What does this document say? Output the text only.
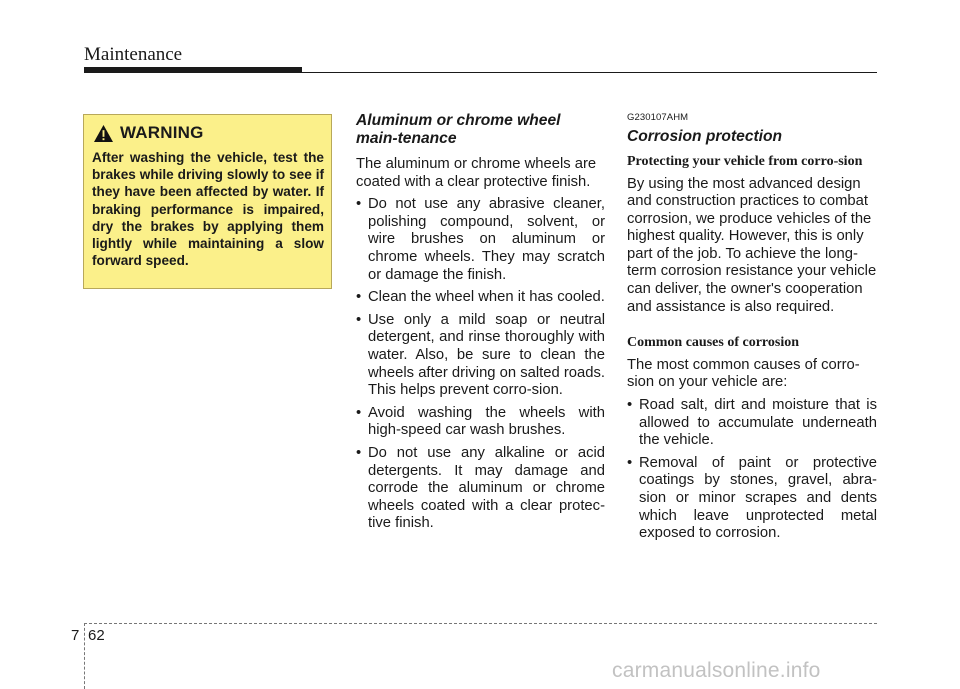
Maintenance
WARNING

After washing the vehicle, test the brakes while driving slowly to see if they have been affected by water. If braking performance is impaired, dry the brakes by applying them lightly while maintaining a slow forward speed.

Aluminum or chrome wheel main-tenance

The aluminum or chrome wheels are coated with a clear protective finish.

• Do not use any abrasive cleaner, polishing compound, solvent, or wire brushes on aluminum or chrome wheels. They may scratch or damage the finish.
• Clean the wheel when it has cooled.
• Use only a mild soap or neutral detergent, and rinse thoroughly with water. Also, be sure to clean the wheels after driving on salted roads. This helps prevent corro-sion.
• Avoid washing the wheels with high-speed car wash brushes.
• Do not use any alkaline or acid detergents. It may damage and corrode the aluminum or chrome wheels coated with a clear protec-tive finish.
G230107AHM
Corrosion protection
Protecting your vehicle from corro-sion

By using the most advanced design and construction practices to combat corrosion, we produce vehicles of the highest quality. However, this is only part of the job. To achieve the long-term corrosion resistance your vehicle can deliver, the owner's cooperation and assistance is also required.

Common causes of corrosion

The most common causes of corro-sion on your vehicle are:

• Road salt, dirt and moisture that is allowed to accumulate underneath the vehicle.
• Removal of paint or protective coatings by stones, gravel, abra-sion or minor scrapes and dents which leave unprotected metal exposed to corrosion.
7 62
carmanualsonline.info
